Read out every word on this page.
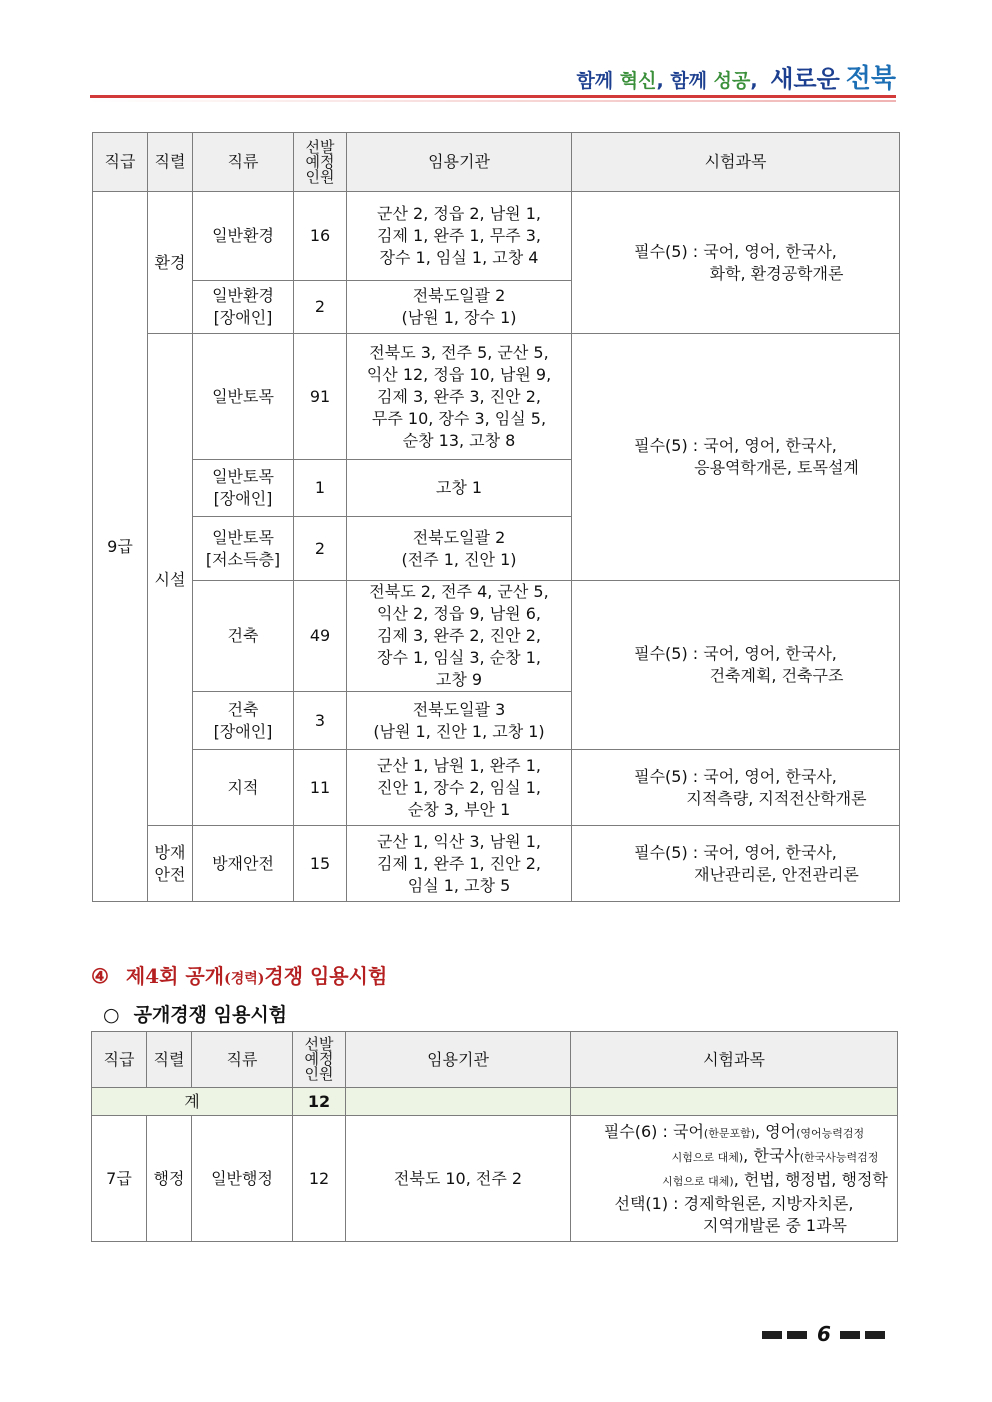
함께 혁신, 함께 성공, 새로운 전북
직급	직렬	직류	선발
예정
인원	임용기관	시험과목
9급	환경	일반환경	16	군산 2, 정읍 2, 남원 1,
김제 1, 완주 1, 무주 3,
장수 1, 임실 1, 고창 4	필수(5) : 국어, 영어, 한국사,
화학, 환경공학개론

		일반환경
[장애인]	2	전북도일괄 2
(남원 1, 장수 1)	

	시설	일반토목	91	전북도 3, 전주 5, 군산 5,
익산 12, 정읍 10, 남원 9,
김제 3, 완주 3, 진안 2,
무주 10, 장수 3, 임실 5,
순창 13, 고창 8	필수(5) : 국어, 영어, 한국사,
응용역학개론, 토목설계

		일반토목
[장애인]	1	고창 1	

		일반토목
[저소득층]	2	전북도일괄 2
(전주 1, 진안 1)	

		건축	49	전북도 2, 전주 4, 군산 5,
익산 2, 정읍 9, 남원 6,
김제 3, 완주 2, 진안 2,
장수 1, 임실 3, 순창 1,
고창 9	필수(5) : 국어, 영어, 한국사,
건축계획, 건축구조

		건축
[장애인]	3	전북도일괄 3
(남원 1, 진안 1, 고창 1)	

		지적	11	군산 1, 남원 1, 완주 1,
진안 1, 장수 2, 임실 1,
순창 3, 부안 1	필수(5) : 국어, 영어, 한국사,
지적측량, 지적전산학개론

	방재
안전	방재안전	15	군산 1, 익산 3, 남원 1,
김제 1, 완주 1, 진안 2,
임실 1, 고창 5	필수(5) : 국어, 영어, 한국사,
재난관리론, 안전관리론
④ 제4회 공개(경력)경쟁 임용시험
○ 공개경쟁 임용시험
직급	직렬	직류	선발
예정
인원	임용기관	시험과목
계			12		
7급	행정	일반행정	12	전북도 10, 전주 2	필수(6) : 국어(한문포함), 영어(영어능력검정
시험으로 대체), 한국사(한국사능력검정
시험으로 대체), 헌법, 행정법, 행정학
선택(1) : 경제학원론, 지방자치론,
지역개발론 중 1과목
6
